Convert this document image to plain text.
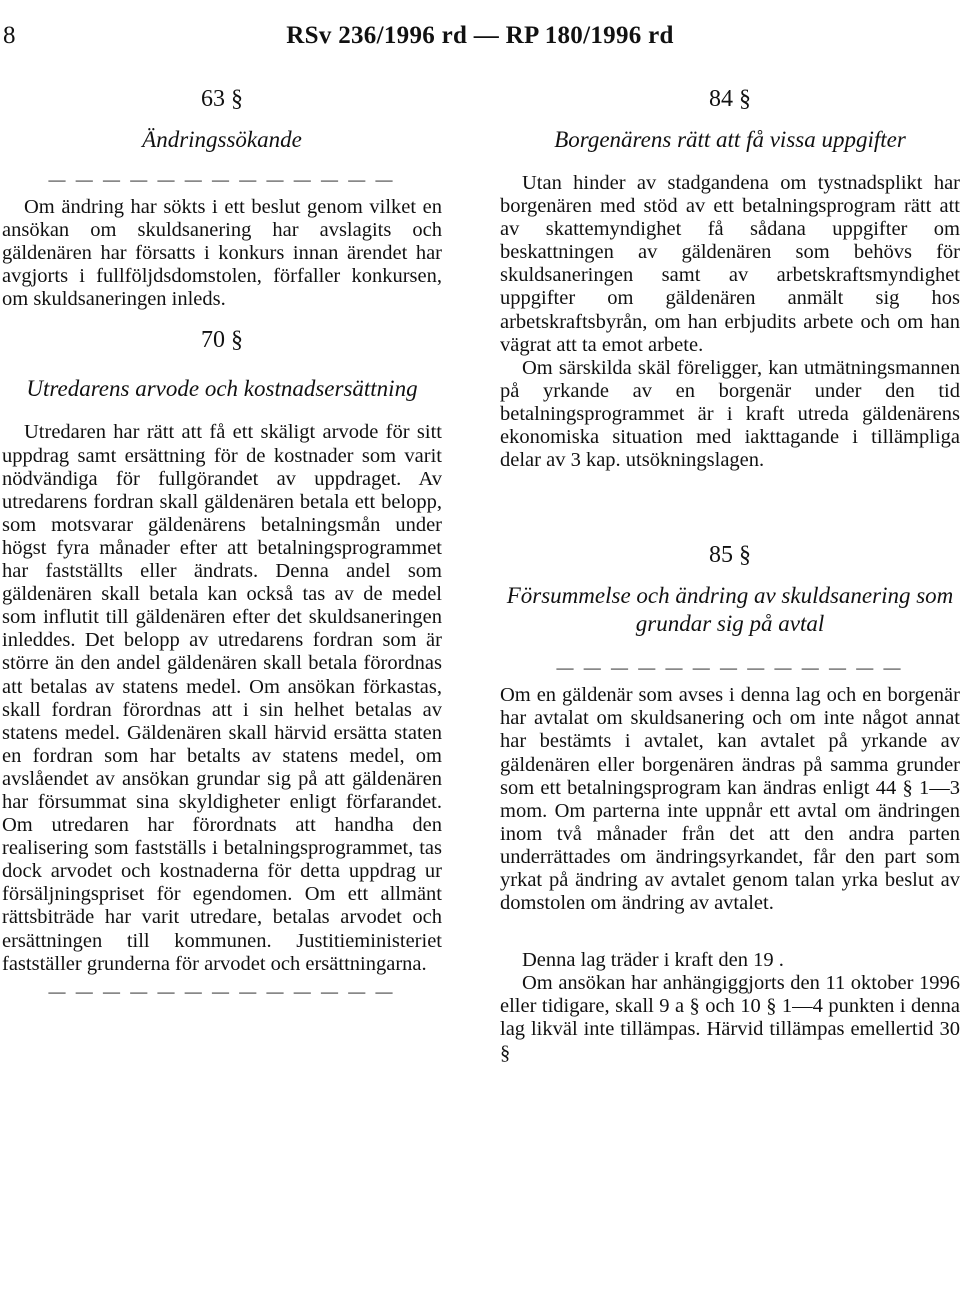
8	RSv 236/1996 rd — RP 180/1996 rd
63 §
Ändringssökande
— — — — — — — — — — — — —

Om ändring har sökts i ett beslut genom vilket en ansökan om skuldsanering har avslagits och gäldenären har försatts i konkurs innan ärendet har avgjorts i fullföljdsdomstolen, förfaller konkursen, om skuldsaneringen inleds.

70 §
Utredarens arvode och kostnadsersättning

Utredaren har rätt att få ett skäligt arvode för sitt uppdrag samt ersättning för de kostnader som varit nödvändiga för fullgörandet av uppdraget. Av utredarens fordran skall gäldenären betala ett belopp, som motsvarar gäldenärens betalningsmån under högst fyra månader efter att betalningsprogrammet har fastställts eller ändrats. Denna andel som gäldenären skall betala kan också tas av de medel som influtit till gäldenären efter det skuldsaneringen inleddes. Det belopp av utredarens fordran som är större än den andel gäldenären skall betala förordnas att betalas av statens medel. Om ansökan förkastas, skall fordran förordnas att i sin helhet betalas av statens medel. Gäldenären skall härvid ersätta staten en fordran som har betalts av statens medel, om avslåendet av ansökan grundar sig på att gäldenären har försummat sina skyldigheter enligt förfarandet. Om utredaren har förordnats att handha den realisering som fastställs i betalningsprogrammet, tas dock arvodet och kostnaderna för detta uppdrag ur försäljningspriset för egendomen. Om ett allmänt rättsbiträde har varit utredare, betalas arvodet och ersättningen till kommunen. Justitieministeriet fastställer grunderna för arvodet och ersättningarna.

— — — — — — — — — — — — —
84 §
Borgenärens rätt att få vissa uppgifter

Utan hinder av stadgandena om tystnadsplikt har borgenären med stöd av ett betalningsprogram rätt att av skattemyndighet få sådana uppgifter om beskattningen av gäldenären som behövs för skuldsaneringen samt av arbetskraftsmyndighet uppgifter om gäldenären anmält sig hos arbetskraftsbyrån, om han erbjudits arbete och om han vägrat att ta emot arbete.

Om särskilda skäl föreligger, kan utmätningsmannen på yrkande av en borgenär under den tid betalningsprogrammet är i kraft utreda gäldenärens ekonomiska situation med iakttagande i tillämpliga delar av 3 kap. utsökningslagen.

85 §
Försummelse och ändring av skuldsanering som grundar sig på avtal
— — — — — — — — — — — — —

Om en gäldenär som avses i denna lag och en borgenär har avtalat om skuldsanering och om inte något annat har bestämts i avtalet, kan avtalet på yrkande av gäldenären eller borgenären ändras på samma grunder som ett betalningsprogram kan ändras enligt 44 § 1—3 mom. Om parterna inte uppnår ett avtal om ändringen inom två månader från det att den andra parten underrättades om ändringsyrkandet, får den part som yrkat på ändring av avtalet genom talan yrka beslut av domstolen om ändring av avtalet.

Denna lag träder i kraft den 19 .

Om ansökan har anhängiggjorts den 11 oktober 1996 eller tidigare, skall 9 a § och 10 § 1—4 punkten i denna lag likväl inte tillämpas. Härvid tillämpas emellertid 30 §
